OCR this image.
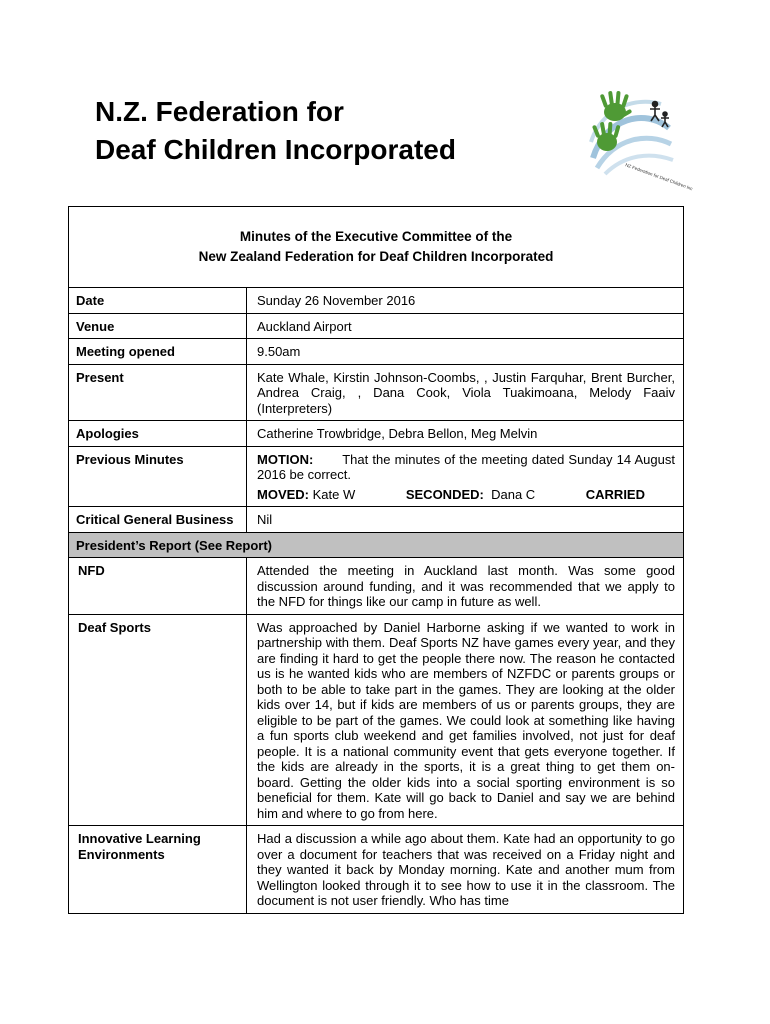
N.Z. Federation for
Deaf Children Incorporated
NZ Federation for Deaf Children Inc
Minutes of the Executive Committee of the
New Zealand Federation for Deaf Children Incorporated	

Date	Sunday 26 November 2016
Venue	Auckland Airport
Meeting opened	9.50am
Present	Kate Whale, Kirstin Johnson-Coombs, , Justin Farquhar, Brent Burcher, Andrea Craig, , Dana Cook, Viola Tuakimoana, Melody Faaiv (Interpreters)

Apologies	Catherine Trowbridge, Debra Bellon, Meg Melvin
Previous Minutes	MOTION: That the minutes of the meeting dated Sunday 14 August 2016 be correct.

MOVED: Kate W SECONDED: Dana C CARRIED

Critical General Business	Nil
President’s Report (See Report)	
NFD	Attended the meeting in Auckland last month. Was some good discussion around funding, and it was recommended that we apply to the NFD for things like our camp in future as well.

Deaf Sports	Was approached by Daniel Harborne asking if we wanted to work in partnership with them. Deaf Sports NZ have games every year, and they are finding it hard to get the people there now. The reason he contacted us is he wanted kids who are members of NZFDC or parents groups or both to be able to take part in the games. They are looking at the older kids over 14, but if kids are members of us or parents groups, they are eligible to be part of the games. We could look at something like having a fun sports club weekend and get families involved, not just for deaf people. It is a national community event that gets everyone together. If the kids are already in the sports, it is a great thing to get them on-board. Getting the older kids into a social sporting environment is so beneficial for them. Kate will go back to Daniel and say we are behind him and where to go from here.

Innovative Learning Environments	Had a discussion a while ago about them. Kate had an opportunity to go over a document for teachers that was received on a Friday night and they wanted it back by Monday morning. Kate and another mum from Wellington looked through it to see how to use it in the classroom. The document is not user friendly. Who has time
